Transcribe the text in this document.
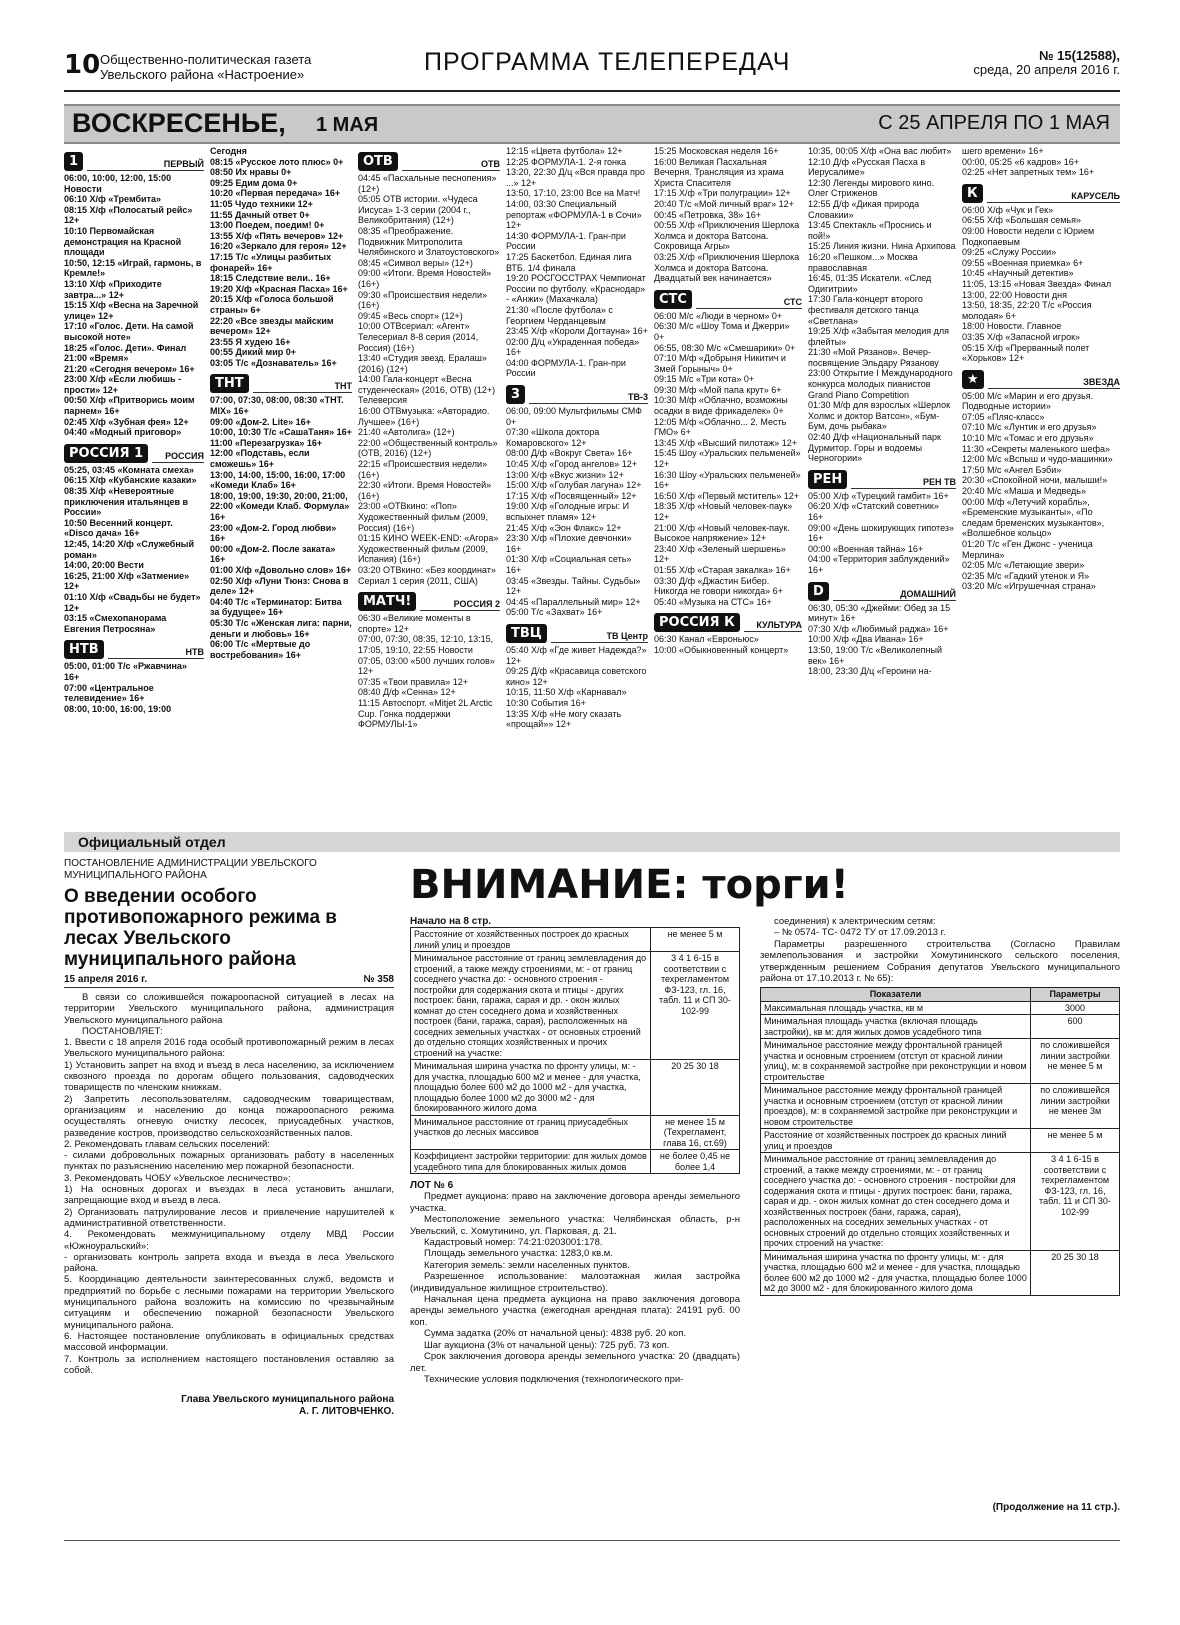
10 Общественно-политическая газета
Увельского района «Настроение»	ПРОГРАММА ТЕЛЕПЕРЕДАЧ	№ 15(12588),
среда, 20 апреля 2016 г.
ВОСКРЕСЕНЬЕ, 1 МАЯ	С 25 АПРЕЛЯ ПО 1 МАЯ
1	ПЕРВЫЙ

06:00, 10:00, 12:00, 15:00 Новости

06:10 Х/ф «Трембита»

08:15 Х/ф «Полосатый рейс» 12+

10:10 Первомайская демонстрация на Красной площади

10:50, 12:15 «Играй, гармонь, в Кремле!»

13:10 Х/ф «Приходите завтра...» 12+

15:15 Х/ф «Весна на Заречной улице» 12+

17:10 «Голос. Дети. На самой высокой ноте»

18:25 «Голос. Дети». Финал

21:00 «Время»

21:20 «Сегодня вечером» 16+

23:00 Х/ф «Если любишь - прости» 12+

00:50 Х/ф «Притворись моим парнем» 16+

02:45 Х/ф «Зубная фея» 12+

04:40 «Модный приговор»

РОССИЯ 1	РОССИЯ

05:25, 03:45 «Комната смеха»

06:15 Х/ф «Кубанские казаки»

08:35 Х/ф «Невероятные приключения итальянцев в России»

10:50 Весенний концерт. «Disco дача» 16+

12:45, 14:20 Х/ф «Служебный роман»

14:00, 20:00 Вести

16:25, 21:00 Х/ф «Затмение» 12+

01:10 Х/ф «Свадьбы не будет» 12+

03:15 «Смехопанорама Евгения Петросяна»

НТВ	НТВ

05:00, 01:00 Т/с «Ржавчина» 16+

07:00 «Центральное телевидение» 16+

08:00, 10:00, 16:00, 19:00

Сегодня

08:15 «Русское лото плюс» 0+

08:50 Их нравы 0+

09:25 Едим дома 0+

10:20 «Первая передача» 16+

11:05 Чудо техники 12+

11:55 Дачный ответ 0+

13:00 Поедем, поедим! 0+

13:55 Х/ф «Пять вечеров» 12+

16:20 «Зеркало для героя» 12+

17:15 Т/с «Улицы разбитых фонарей» 16+

18:15 Следствие вели.. 16+

19:20 Х/ф «Красная Пасха» 16+

20:15 Х/ф «Голоса большой страны» 6+

22:20 «Все звезды майским вечером» 12+

23:55 Я худею 16+

00:55 Дикий мир 0+

03:05 Т/с «Дознаватель» 16+

ТНТ	ТНТ

07:00, 07:30, 08:00, 08:30 «ТНТ. MIX» 16+

09:00 «Дом-2. Lite» 16+

10:00, 10:30 Т/с «СашаТаня» 16+

11:00 «Перезагрузка» 16+

12:00 «Подставь, если сможешь» 16+

13:00, 14:00, 15:00, 16:00, 17:00 «Комеди Клаб» 16+

18:00, 19:00, 19:30, 20:00, 21:00, 22:00 «Комеди Клаб. Формула» 16+

23:00 «Дом-2. Город любви» 16+

00:00 «Дом-2. После заката» 16+

01:00 Х/ф «Довольно слов» 16+

02:50 Х/ф «Луни Тюнз: Снова в деле» 12+

04:40 Т/с «Терминатор: Битва за будущее» 16+

05:30 Т/с «Женская лига: парни, деньги и любовь» 16+

06:00 Т/с «Мертвые до востребования» 16+

ОТВ	ОТВ

04:45 «Пасхальные песнопения» (12+)

05:05 ОТВ истории. «Чудеса Иисуса» 1-3 серии (2004 г., Великобритания) (12+)

08:35 «Преображение. Подвижник Митрополита Челябинского и Златоустовского»

08:45 «Символ веры» (12+)

09:00 «Итоги. Время Новостей» (16+)

09:30 «Происшествия недели» (16+)

09:45 «Весь спорт» (12+)

10:00 ОТВсериал: «Агент» Телесериал 8-8 серия (2014, Россия) (16+)

13:40 «Студия звезд. Ералаш» (2016) (12+)

14:00 Гала-концерт «Весна студенческая» (2016, ОТВ) (12+) Телеверсия

16:00 ОТВмузыка: «Авторадио. Лучшее» (16+)

21:40 «Автолига» (12+)

22:00 «Общественный контроль» (ОТВ, 2016) (12+)

22:15 «Происшествия недели» (16+)

22:30 «Итоги. Время Новостей» (16+)

23:00 «ОТВкино: «Поп» Художественный фильм (2009, Россия) (16+)

01:15 КИНО WEEK-END: «Агора» Художественный фильм (2009, Испания) (16+)

03:20 ОТВкино: «Без координат» Сериал 1 серия (2011, США)

МАТЧ!	РОССИЯ 2

06:30 «Великие моменты в спорте» 12+

07:00, 07:30, 08:35, 12:10, 13:15, 17:05, 19:10, 22:55 Новости

07:05, 03:00 «500 лучших голов» 12+

07:35 «Твои правила» 12+

08:40 Д/ф «Сенна» 12+

11:15 Автоспорт. «Mitjet 2L Arctic Cup. Гонка поддержки ФОРМУЛЫ-1»

12:15 «Цвета футбола» 12+

12:25 ФОРМУЛА-1. 2-я гонка

13:20, 22:30 Д/ц «Вся правда про ...» 12+

13:50, 17:10, 23:00 Все на Матч!

14:00, 03:30 Специальный репортаж «ФОРМУЛА-1 в Сочи» 12+

14:30 ФОРМУЛА-1. Гран-при России

17:25 Баскетбол. Единая лига ВТБ. 1/4 финала

19:20 РОСГОССТРАХ Чемпионат России по футболу. «Краснодар» - «Анжи» (Махачкала)

21:30 «После футбола» с Георгием Черданцевым

23:45 Х/ф «Короли Догтауна» 16+

02:00 Д/ц «Украденная победа» 16+

04:00 ФОРМУЛА-1. Гран-при России

3	ТВ-3

06:00, 09:00 Мультфильмы СМФ 0+

07:30 «Школа доктора Комаровского» 12+

08:00 Д/ф «Вокруг Света» 16+

10:45 Х/ф «Город ангелов» 12+

13:00 Х/ф «Вкус жизни» 12+

15:00 Х/ф «Голубая лагуна» 12+

17:15 Х/ф «Посвященный» 12+

19:00 Х/ф «Голодные игры: И вспыхнет пламя» 12+

21:45 Х/ф «Эон Флакс» 12+

23:30 Х/ф «Плохие девчонки» 16+

01:30 Х/ф «Социальная сеть» 16+

03:45 «Звезды. Тайны. Судьбы» 12+

04:45 «Параллельный мир» 12+

05:00 Т/с «Захват» 16+

ТВЦ	ТВ Центр

05:40 Х/ф «Где живет Надежда?» 12+

09:25 Д/ф «Красавица советского кино» 12+

10:15, 11:50 Х/ф «Карнавал»

10:30 События 16+

13:35 Х/ф «Не могу сказать «прощай»» 12+

15:25 Московская неделя 16+

16:00 Великая Пасхальная Вечерня. Трансляция из храма Христа Спасителя

17:15 Х/ф «Три полуграции» 12+

20:40 Т/с «Мой личный враг» 12+

00:45 «Петровка, 38» 16+

00:55 Х/ф «Приключения Шерлока Холмса и доктора Ватсона. Сокровища Агры»

03:25 Х/ф «Приключения Шерлока Холмса и доктора Ватсона. Двадцатый век начинается»

СТС	СТС

06:00 М/с «Люди в черном» 0+

06:30 М/с «Шоу Тома и Джерри» 0+

06:55, 08:30 М/с «Смешарики» 0+

07:10 М/ф «Добрыня Никитич и Змей Горыныч» 0+

09:15 М/с «Три кота» 0+

09:30 М/ф «Мой папа крут» 6+

10:30 М/ф «Облачно, возможны осадки в виде фрикаделек» 0+

12:05 М/ф «Облачно... 2. Месть ГМО» 6+

13:45 Х/ф «Высший пилотаж» 12+

15:45 Шоу «Уральских пельменей» 12+

16:30 Шоу «Уральских пельменей» 16+

16:50 Х/ф «Первый мститель» 12+

18:35 Х/ф «Новый человек-паук» 12+

21:00 Х/ф «Новый человек-паук. Высокое напряжение» 12+

23:40 Х/ф «Зеленый шершень» 12+

01:55 Х/ф «Старая закалка» 16+

03:30 Д/ф «Джастин Бибер. Никогда не говори никогда» 6+

05:40 «Музыка на СТС» 16+

РОССИЯ К	КУЛЬТУРА

06:30 Канал «Евроньюс»

10:00 «Обыкновенный концерт»

10:35, 00:05 Х/ф «Она вас любит»

12:10 Д/ф «Русская Пасха в Иерусалиме»

12:30 Легенды мирового кино. Олег Стриженов

12:55 Д/ф «Дикая природа Словакии»

13:45 Спектакль «Проснись и пой!»

15:25 Линия жизни. Нина Архипова

16:20 «Пешком...» Москва православная

16:45, 01:35 Искатели. «След Одигитрии»

17:30 Гала-концерт второго фестиваля детского танца «Светлана»

19:25 Х/ф «Забытая мелодия для флейты»

21:30 «Мой Рязанов». Вечер-посвящение Эльдару Рязанову

23:00 Открытие I Международного конкурса молодых пианистов Grand Piano Competition

01:30 М/ф для взрослых «Шерлок Холмс и доктор Ватсон», «Бум-Бум, дочь рыбака»

02:40 Д/ф «Национальный парк Дурмитор. Горы и водоемы Черногории»

РЕН	РЕН ТВ

05:00 Х/ф «Турецкий гамбит» 16+

06:20 Х/ф «Статский советник» 16+

09:00 «День шокирующих гипотез» 16+

00:00 «Военная тайна» 16+

04:00 «Территория заблуждений» 16+

D	ДОМАШНИЙ

06:30, 05:30 «Джейми: Обед за 15 минут» 16+

07:30 Х/ф «Любимый раджа» 16+

10:00 Х/ф «Два Ивана» 16+

13:50, 19:00 Т/с «Великолепный век» 16+

18:00, 23:30 Д/ц «Героини на-

шего времени» 16+

00:00, 05:25 «6 кадров» 16+

02:25 «Нет запретных тем» 16+

К	КАРУСЕЛЬ

06:00 Х/ф «Чук и Гек»

06:55 Х/ф «Большая семья»

09:00 Новости недели с Юрием Подкопаевым

09:25 «Служу России»

09:55 «Военная приемка» 6+

10:45 «Научный детектив»

11:05, 13:15 «Новая Звезда» Финал

13:00, 22:00 Новости дня

13:50, 18:35, 22:20 Т/с «Россия молодая» 6+

18:00 Новости. Главное

03:35 Х/ф «Запасной игрок»

05:15 Х/ф «Прерванный полет «Хорьков» 12+

★	ЗВЕЗДА

05:00 М/с «Марин и его друзья. Подводные истории»

07:05 «Пляс-класс»

07:10 М/с «Лунтик и его друзья»

10:10 М/с «Томас и его друзья»

11:30 «Секреты маленького шефа»

12:00 М/с «Вспыш и чудо-машинки»

17:50 М/с «Ангел Бэби»

20:30 «Спокойной ночи, малыши!»

20:40 М/с «Маша и Медведь»

00:00 М/ф «Летучий корабль», «Бременские музыканты», «По следам бременских музыкантов», «Волшебное кольцо»

01:20 Т/с «Ген Джонс - ученица Мерлина»

02:05 М/с «Летающие звери»

02:35 М/с «Гадкий утенок и Я»

03:20 М/с «Игрушечная страна»

Официальный отдел
ПОСТАНОВЛЕНИЕ АДМИНИСТРАЦИИ УВЕЛЬСКОГО МУНИЦИПАЛЬНОГО РАЙОНА
О введении особого противопожарного режима в лесах Увельского муниципального района
15 апреля 2016 г.	№ 358

В связи со сложившейся пожароопасной ситуацией в лесах на территории Увельского муниципального района, администрация Увельского муниципального района

ПОСТАНОВЛЯЕТ:

1. Ввести с 18 апреля 2016 года особый противопожарный режим в лесах Увельского муниципального района:

1) Установить запрет на вход и въезд в леса населению, за исключением сквозного проезда по дорогам общего пользования, садоводческих товариществ по членским книжкам.

2) Запретить лесопользователям, садоводческим товариществам, организациям и населению до конца пожароопасного режима осуществлять огневую очистку лесосек, приусадебных участков, разведение костров, производство сельскохозяйственных палов.

2. Рекомендовать главам сельских поселений:

- силами добровольных пожарных организовать работу в населенных пунктах по разъяснению населению мер пожарной безопасности.

3. Рекомендовать ЧОБУ «Увельское лесничество»:

1) На основных дорогах и въездах в леса установить аншлаги, запрещающие вход и въезд в леса.

2) Организовать патрулирование лесов и привлечение нарушителей к административной ответственности.

4. Рекомендовать межмуниципальному отделу МВД России «Южноуральский»:

- организовать контроль запрета входа и въезда в леса Увельского района.

5. Координацию деятельности заинтересованных служб, ведомств и предприятий по борьбе с лесными пожарами на территории Увельского муниципального района возложить на комиссию по чрезвычайным ситуациям и обеспечению пожарной безопасности Увельского муниципального района.

6. Настоящее постановление опубликовать в официальных средствах массовой информации.

7. Контроль за исполнением настоящего постановления оставляю за собой.

Глава Увельского муниципального района
А. Г. ЛИТОВЧЕНКО.
ВНИМАНИЕ: торги!
Начало на 8 стр.
Расстояние от хозяйственных построек до красных линий улиц и проездов	не менее 5 м
Минимальное расстояние от границ землевладения до строений, а также между строениями, м: - от границ соседнего участка до: - основного строения - постройки для содержания скота и птицы - других построек: бани, гаража, сарая и др. - окон жилых комнат до стен соседнего дома и хозяйственных построек (бани, гаража, сарая), расположенных на соседних земельных участках - от основных строений до отдельно стоящих хозяйственных и прочих строений на участке:	3 4 1 6-15 в соответствии с техрегламентом ФЗ-123, гл. 16, табл. 11 и СП 30-102-99
Минимальная ширина участка по фронту улицы, м: - для участка, площадью 600 м2 и менее - для участка, площадью более 600 м2 до 1000 м2 - для участка, площадью более 1000 м2 до 3000 м2 - для блокированного жилого дома	20 25 30 18
Минимальное расстояние от границ приусадебных участков до лесных массивов	не менее 15 м (Техрегламент, глава 16, ст.69)
Коэффициент застройки территории: для жилых домов усадебного типа для блокированных жилых домов	не более 0,45 не более 1,4

ЛОТ № 6

Предмет аукциона: право на заключение договора аренды земельного участка.

Местоположение земельного участка: Челябинская область, р-н Увельский, с. Хомутинино, ул. Парковая, д. 21.

Кадастровый номер: 74:21:0203001:178.

Площадь земельного участка: 1283,0 кв.м.

Категория земель: земли населенных пунктов.

Разрешенное использование: малоэтажная жилая застройка (индивидуальное жилищное строительство).

Начальная цена предмета аукциона на право заключения договора аренды земельного участка (ежегодная арендная плата): 24191 руб. 00 коп.

Сумма задатка (20% от начальной цены): 4838 руб. 20 коп.

Шаг аукциона (3% от начальной цены): 725 руб. 73 коп.

Срок заключения договора аренды земельного участка: 20 (двадцать) лет.

Технические условия подключения (технологического при-

соединения) к электрическим сетям:

– № 0574- ТС- 0472 ТУ от 17.09.2013 г.

Параметры разрешенного строительства (Согласно Правилам землепользования и застройки Хомутининского сельского поселения, утвержденным решением Собрания депутатов Увельского муниципального района от 17.10.2013 г. № 65):

Показатели	Параметры
Максимальная площадь участка, кв м	3000
Минимальная площадь участка (включая площадь застройки), кв м: для жилых домов усадебного типа	600
Минимальное расстояние между фронтальной границей участка и основным строением (отступ от красной линии улиц), м: в сохраняемой застройке при реконструкции и новом строительстве	по сложившейся линии застройки не менее 5 м
Минимальное расстояние между фронтальной границей участка и основным строением (отступ от красной линии проездов), м: в сохраняемой застройке при реконструкции и новом строительстве	по сложившейся линии застройки не менее 3м
Расстояние от хозяйственных построек до красных линий улиц и проездов	не менее 5 м
Минимальное расстояние от границ землевладения до строений, а также между строениями, м: - от границ соседнего участка до: - основного строения - постройки для содержания скота и птицы - других построек: бани, гаража, сарая и др. - окон жилых комнат до стен соседнего дома и хозяйственных построек (бани, гаража, сарая), расположенных на соседних земельных участках - от основных строений до отдельно стоящих хозяйственных и прочих строений на участке:	3 4 1 6-15 в соответствии с техрегламентом ФЗ-123, гл. 16, табл. 11 и СП 30-102-99
Минимальная ширина участка по фронту улицы, м: - для участка, площадью 600 м2 и менее - для участка, площадью более 600 м2 до 1000 м2 - для участка, площадью более 1000 м2 до 3000 м2 - для блокированного жилого дома	20 25 30 18
(Продолжение на 11 стр.).
